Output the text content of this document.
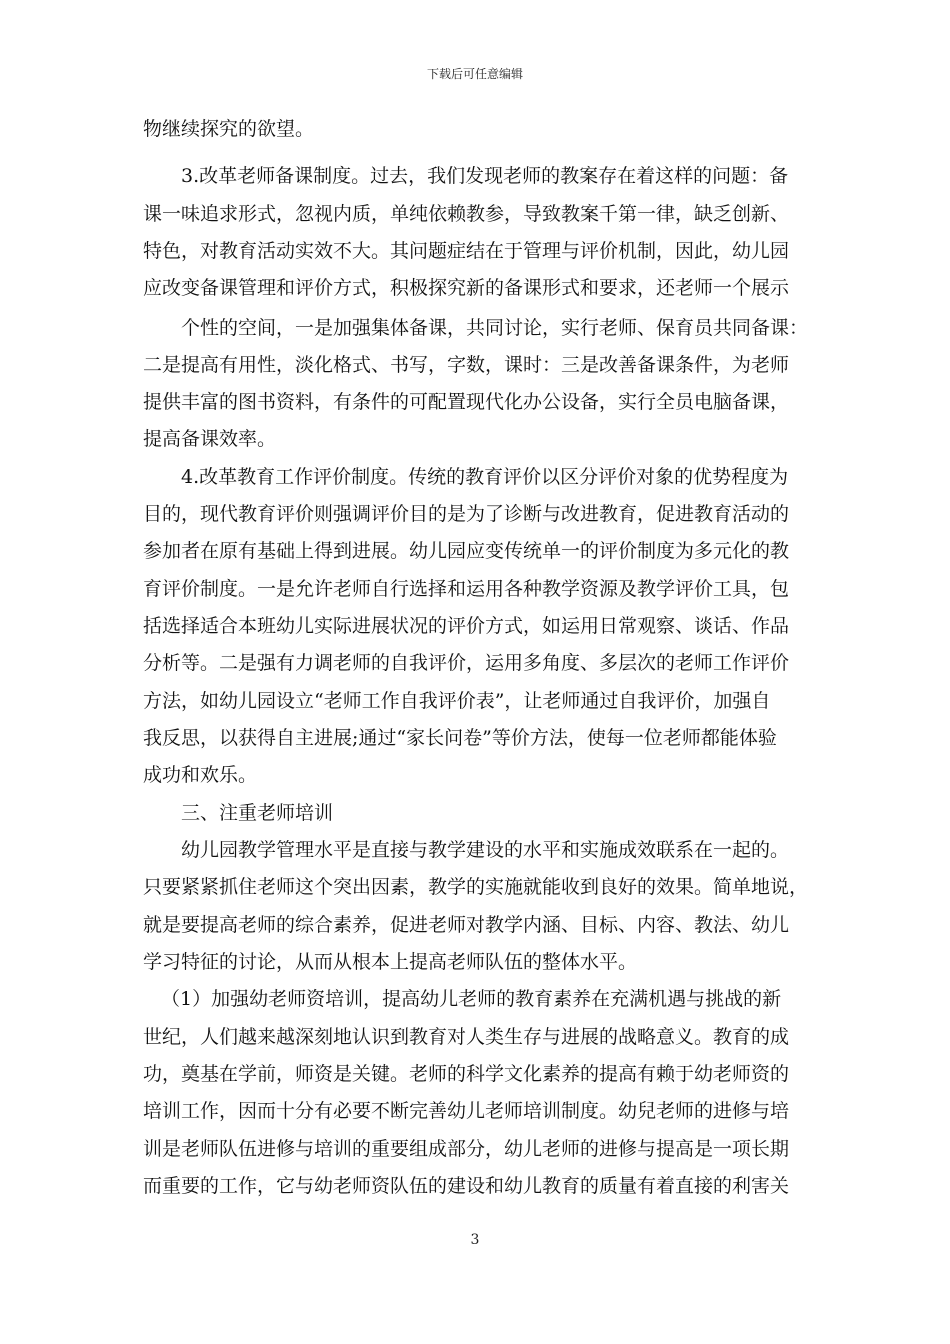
下载后可任意编辑
物继续探究的欲望。
3.改革老师备课制度。过去，我们发现老师的教案存在着这样的问题：备
课一味追求形式，忽视内质，单纯依赖教参，导致教案千第一律，缺乏创新、
特色，对教育活动实效不大。其问题症结在于管理与评价机制，因此，幼儿园
应改变备课管理和评价方式，积极探究新的备课形式和要求，还老师一个展示
个性的空间，一是加强集体备课，共同讨论，实行老师、保育员共同备课：
二是提高有用性，淡化格式、书写，字数，课时：三是改善备课条件，为老师
提供丰富的图书资料，有条件的可配置现代化办公设备，实行全员电脑备课，
提高备课效率。
4.改革教育工作评价制度。传统的教育评价以区分评价对象的优势程度为
目的，现代教育评价则强调评价目的是为了诊断与改进教育，促进教育活动的
参加者在原有基础上得到进展。幼儿园应变传统单一的评价制度为多元化的教
育评价制度。一是允许老师自行选择和运用各种教学资源及教学评价工具，包
括选择适合本班幼儿实际进展状况的评价方式，如运用日常观察、谈话、作品
分析等。二是强有力调老师的自我评价，运用多角度、多层次的老师工作评价
方法，如幼儿园设立“老师工作自我评价表”，让老师通过自我评价，加强自
我反思，以获得自主进展;通过“家长问卷”等价方法，使每一位老师都能体验
成功和欢乐。
三、注重老师培训
幼儿园教学管理水平是直接与教学建设的水平和实施成效联系在一起的。
只要紧紧抓住老师这个突出因素，教学的实施就能收到良好的效果。简单地说，
就是要提高老师的综合素养，促进老师对教学内涵、目标、内容、教法、幼儿
学习特征的讨论，从而从根本上提高老师队伍的整体水平。
（1）加强幼老师资培训，提高幼儿老师的教育素养在充满机遇与挑战的新
世纪，人们越来越深刻地认识到教育对人类生存与进展的战略意义。教育的成
功，奠基在学前，师资是关键。老师的科学文化素养的提高有赖于幼老师资的
培训工作，因而十分有必要不断完善幼儿老师培训制度。幼兒老师的进修与培
训是老师队伍进修与培训的重要组成部分，幼儿老师的进修与提高是一项长期
而重要的工作，它与幼老师资队伍的建设和幼儿教育的质量有着直接的利害关
3
